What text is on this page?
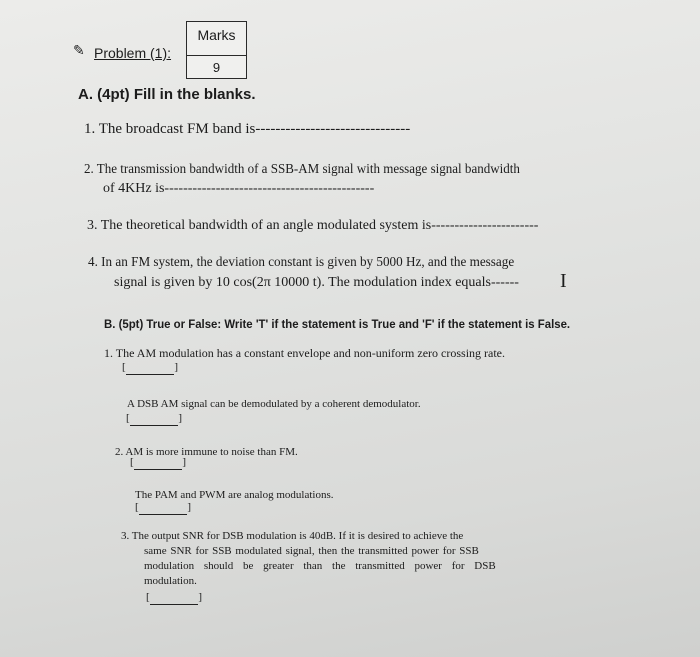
✎ Problem (1):
Marks
9
A. (4pt) Fill in the blanks.
1. The broadcast FM band is-------------------------------
2. The transmission bandwidth of a SSB-AM signal with message signal bandwidth
of 4KHz is---------------------------------------------
3. The theoretical bandwidth of an angle modulated system is-----------------------
4. In an FM system, the deviation constant is given by 5000 Hz, and the message
signal is given by 10 cos(2π 10000 t). The modulation index equals------ I
B. (5pt) True or False: Write 'T' if the statement is True and 'F' if the statement is False.
1. The AM modulation has a constant envelope and non-uniform zero crossing rate.
[	]
A DSB AM signal can be demodulated by a coherent demodulator.
[	]
2. AM is more immune to noise than FM.
[	]
The PAM and PWM are analog modulations.
[	]
3. The output SNR for DSB modulation is 40dB. If it is desired to achieve the
same SNR for SSB modulated signal, then the transmitted power for SSB
modulation should be greater than the transmitted power for DSB
modulation.
[	]
